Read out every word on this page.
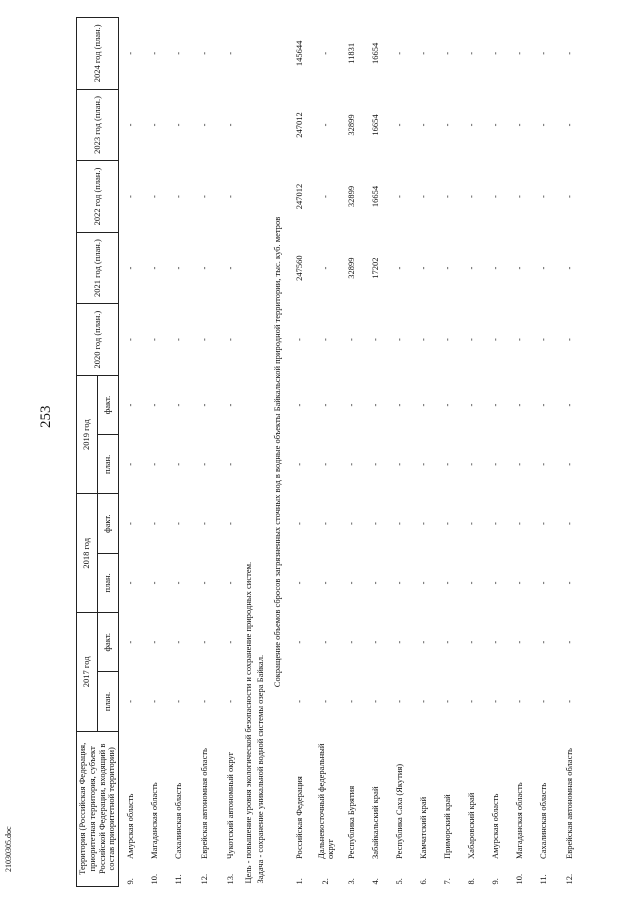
253
21030305.doc	Территория (Российская Федерация, приоритетная территория, субъект Российской Федерации, входящий в состав приоритетной территории)		2017 год		2018 год		2019 год		2020 год (план.)	2021 год (план.)	2022 год (план.)	2023 год (план.)	2024 год (план.)
		план.	факт.	план.	факт.	план.	факт.					
9.	Амурская область	-	-	-	-	-	-	-	-	-	-	-
10.	Магаданская область	-	-	-	-	-	-	-	-	-	-	-
11.	Сахалинская область	-	-	-	-	-	-	-	-	-	-	-
12.	Еврейская автономная область	-	-	-	-	-	-	-	-	-	-	-
13.	Чукотский автономный округ	-	-	-	-	-	-	-	-	-	-	-
Цель - повышение уровня экологической безопасности и сохранение природных систем.												
Задача - сохранение уникальной водной системы озера Байкал.												
Сокращение объемов сбросов загрязненных сточных вод в водные объекты Байкальской природной территории, тыс. куб. метров												
1.	Российская Федерация	-	-	-	-	-	-	-	247560	247012	247012	145644
2.	Дальневосточный федеральный округ	-	-	-	-	-	-	-	-	-	-	-
3.	Республика Бурятия	-	-	-	-	-	-	-	32899	32899	32899	11831
4.	Забайкальский край	-	-	-	-	-	-	-	17202	16654	16654	16654
5.	Республика Саха (Якутия)	-	-	-	-	-	-	-	-	-	-	-
6.	Камчатский край	-	-	-	-	-	-	-	-	-	-	-
7.	Приморский край	-	-	-	-	-	-	-	-	-	-	-
8.	Хабаровский край	-	-	-	-	-	-	-	-	-	-	-
9.	Амурская область	-	-	-	-	-	-	-	-	-	-	-
10.	Магаданская область	-	-	-	-	-	-	-	-	-	-	-
11.	Сахалинская область	-	-	-	-	-	-	-	-	-	-	-
12.	Еврейская автономная область	-	-	-	-	-	-	-	-	-	-	-
